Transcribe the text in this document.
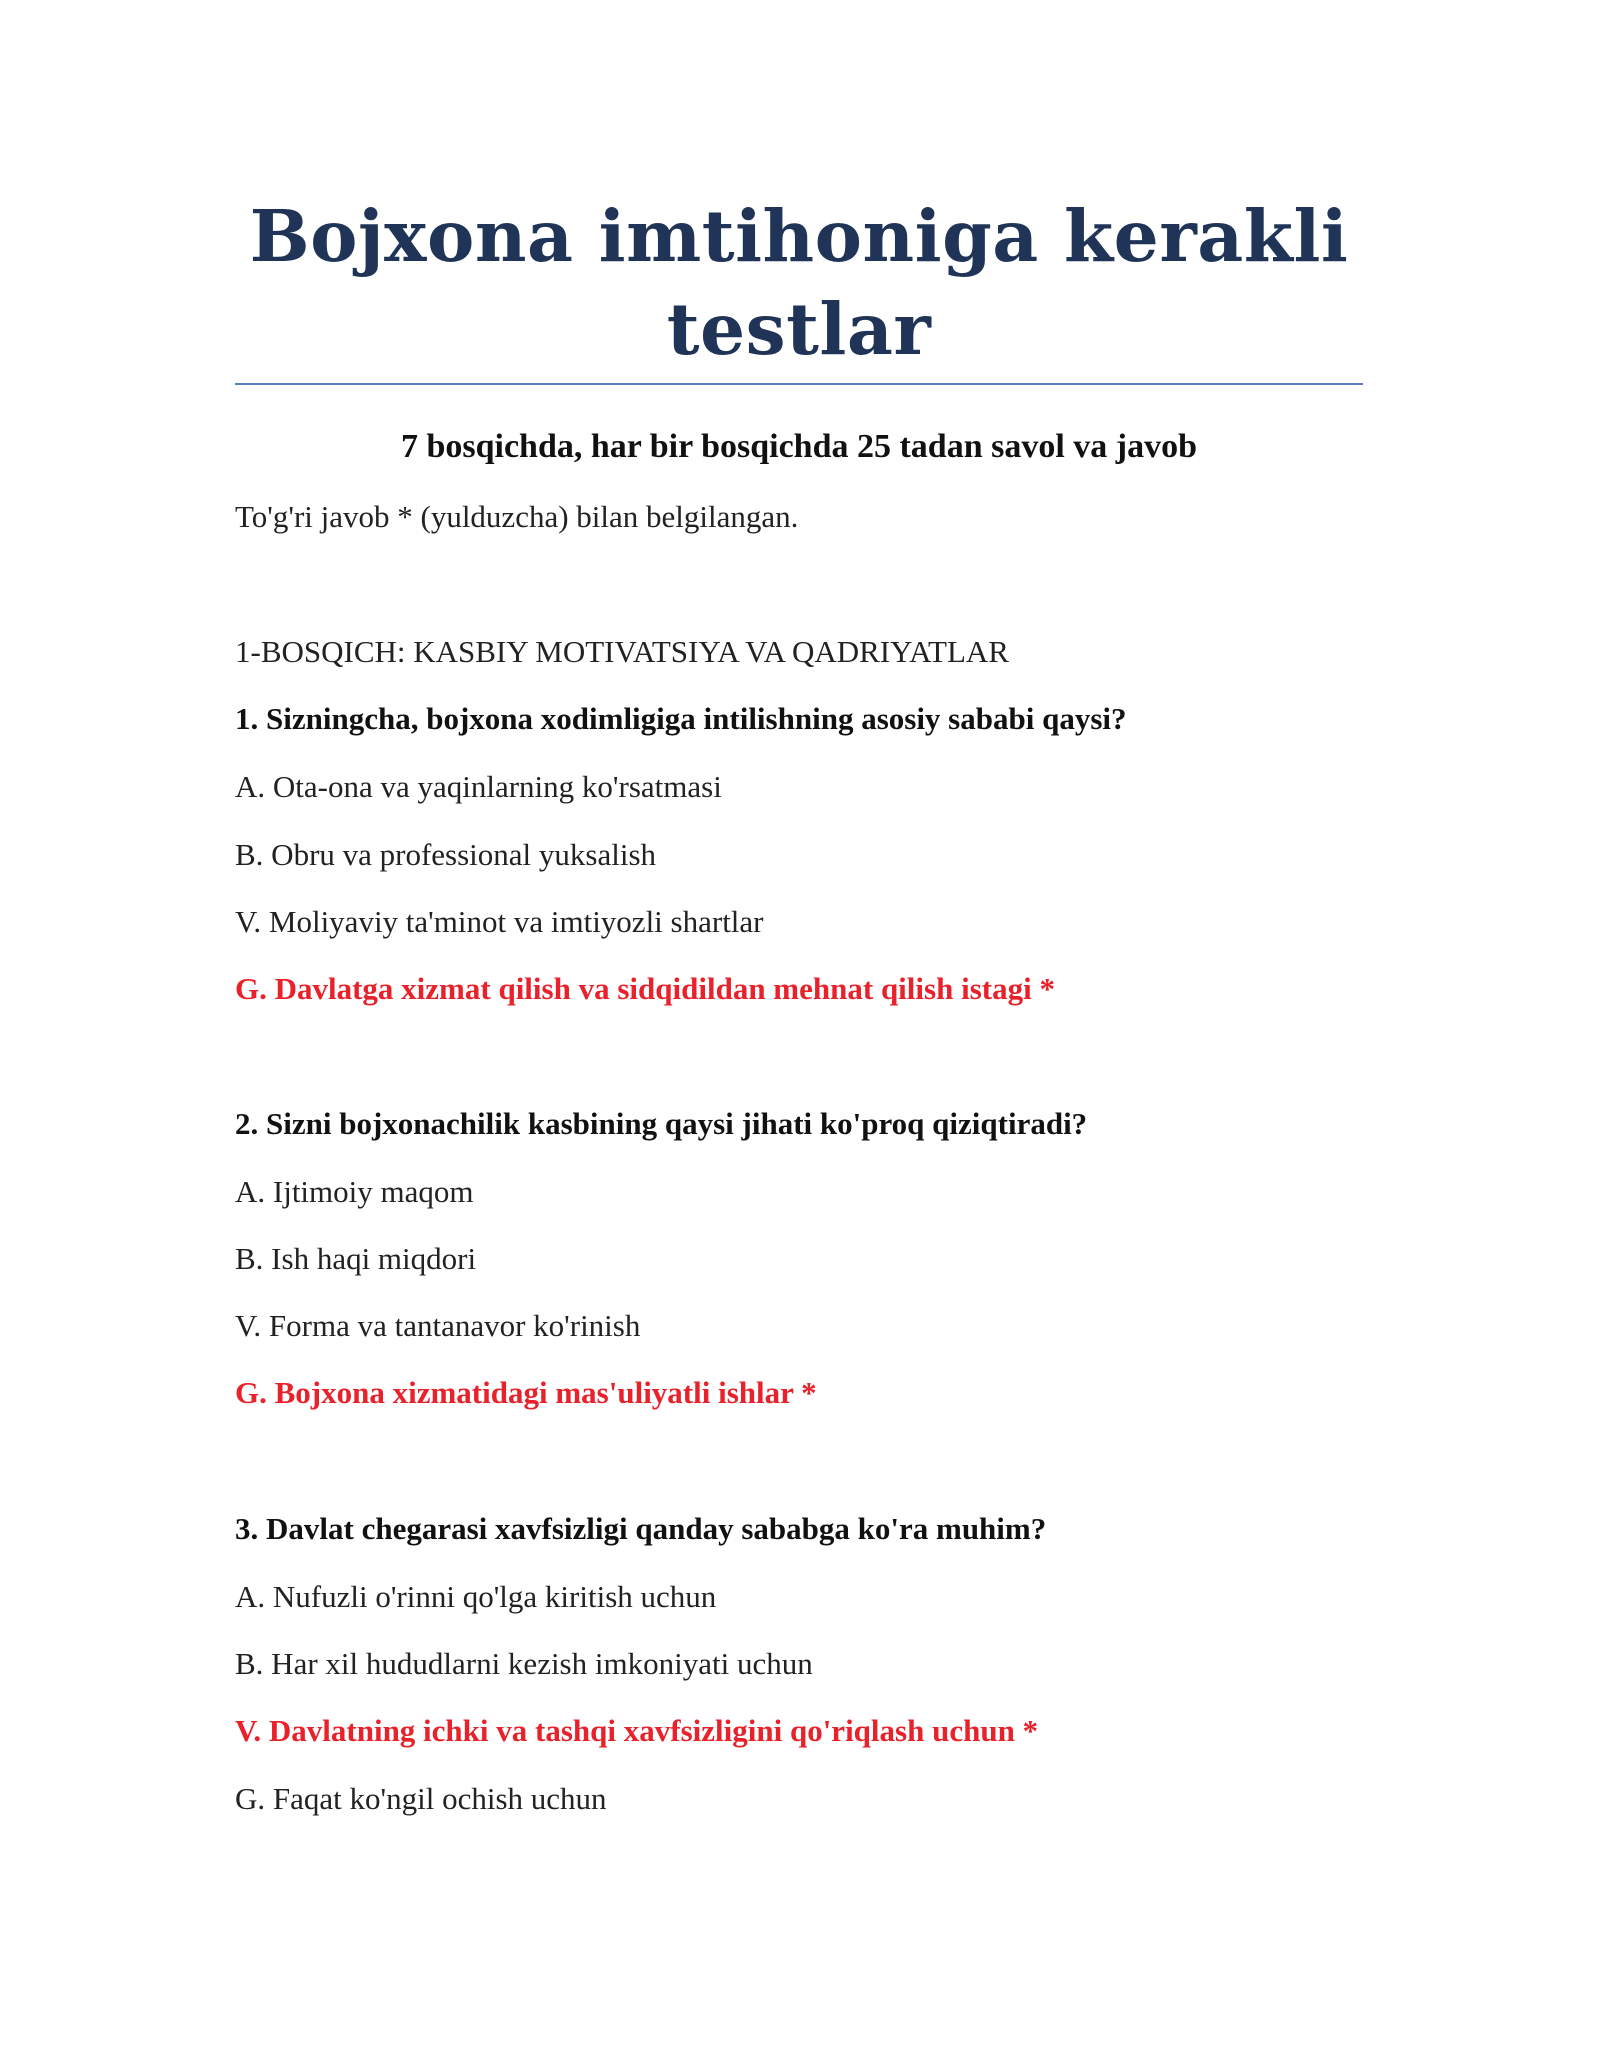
Bojxona imtihoniga kerakli testlar
7 bosqichda, har bir bosqichda 25 tadan savol va javob
To'g'ri javob * (yulduzcha) bilan belgilangan.
1-BOSQICH: KASBIY MOTIVATSIYA VA QADRIYATLAR
1. Sizningcha, bojxona xodimligiga intilishning asosiy sababi qaysi?
A. Ota-ona va yaqinlarning ko'rsatmasi
B. Obru va professional yuksalish
V. Moliyaviy ta'minot va imtiyozli shartlar
G. Davlatga xizmat qilish va sidqidildan mehnat qilish istagi *
2. Sizni bojxonachilik kasbining qaysi jihati ko'proq qiziqtiradi?
A. Ijtimoiy maqom
B. Ish haqi miqdori
V. Forma va tantanavor ko'rinish
G. Bojxona xizmatidagi mas'uliyatli ishlar *
3. Davlat chegarasi xavfsizligi qanday sababga ko'ra muhim?
A. Nufuzli o'rinni qo'lga kiritish uchun
B. Har xil hududlarni kezish imkoniyati uchun
V. Davlatning ichki va tashqi xavfsizligini qo'riqlash uchun *
G. Faqat ko'ngil ochish uchun
